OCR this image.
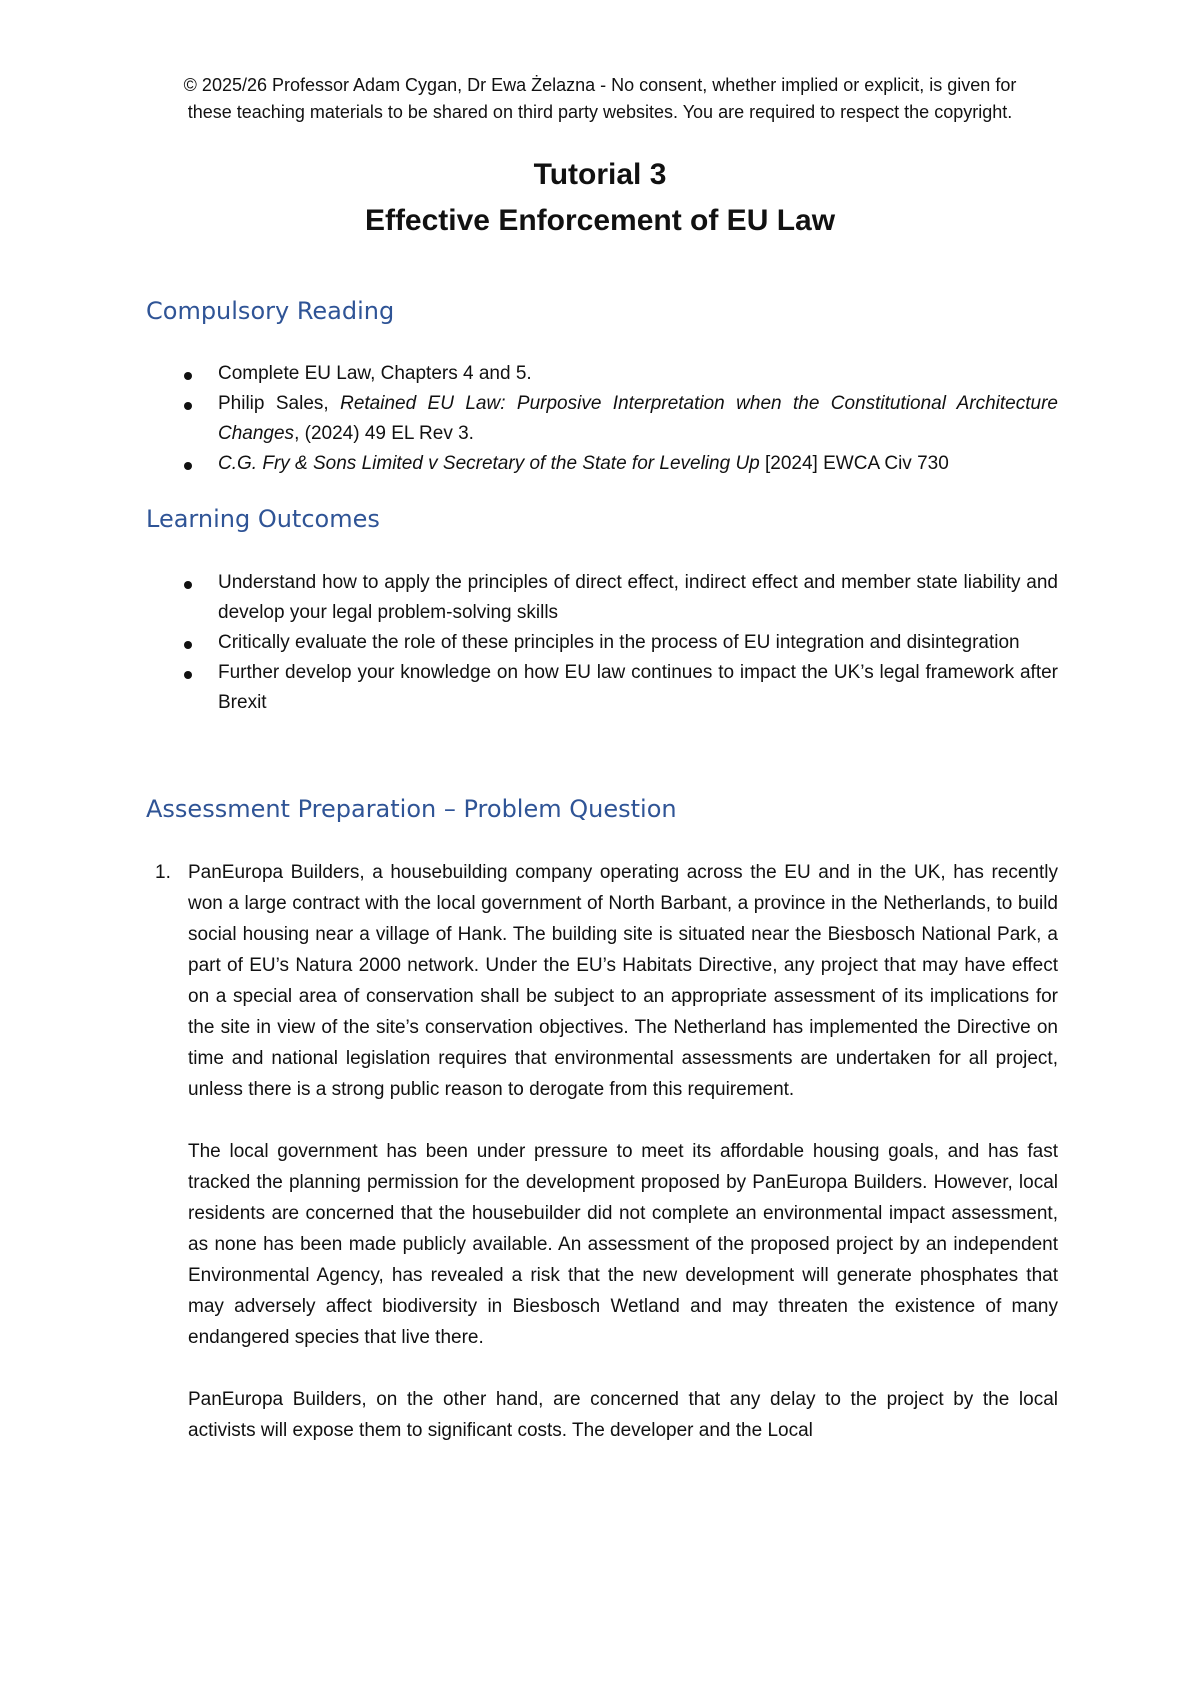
© 2025/26 Professor Adam Cygan, Dr Ewa Żelazna - No consent, whether implied or explicit, is given for
these teaching materials to be shared on third party websites. You are required to respect the copyright.
Tutorial 3
Effective Enforcement of EU Law
Compulsory Reading
Complete EU Law, Chapters 4 and 5.
Philip Sales, Retained EU Law: Purposive Interpretation when the Constitutional Architecture Changes, (2024) 49 EL Rev 3.
C.G. Fry & Sons Limited v Secretary of the State for Leveling Up [2024] EWCA Civ 730
Learning Outcomes
Understand how to apply the principles of direct effect, indirect effect and member state liability and develop your legal problem-solving skills
Critically evaluate the role of these principles in the process of EU integration and disintegration
Further develop your knowledge on how EU law continues to impact the UK’s legal framework after Brexit
Assessment Preparation – Problem Question
1. PanEuropa Builders, a housebuilding company operating across the EU and in the UK, has recently won a large contract with the local government of North Barbant, a province in the Netherlands, to build social housing near a village of Hank. The building site is situated near the Biesbosch National Park, a part of EU’s Natura 2000 network. Under the EU’s Habitats Directive, any project that may have effect on a special area of conservation shall be subject to an appropriate assessment of its implications for the site in view of the site’s conservation objectives. The Netherland has implemented the Directive on time and national legislation requires that environmental assessments are undertaken for all project, unless there is a strong public reason to derogate from this requirement.

The local government has been under pressure to meet its affordable housing goals, and has fast tracked the planning permission for the development proposed by PanEuropa Builders. However, local residents are concerned that the housebuilder did not complete an environmental impact assessment, as none has been made publicly available. An assessment of the proposed project by an independent Environmental Agency, has revealed a risk that the new development will generate phosphates that may adversely affect biodiversity in Biesbosch Wetland and may threaten the existence of many endangered species that live there.

PanEuropa Builders, on the other hand, are concerned that any delay to the project by the local activists will expose them to significant costs. The developer and the Local
